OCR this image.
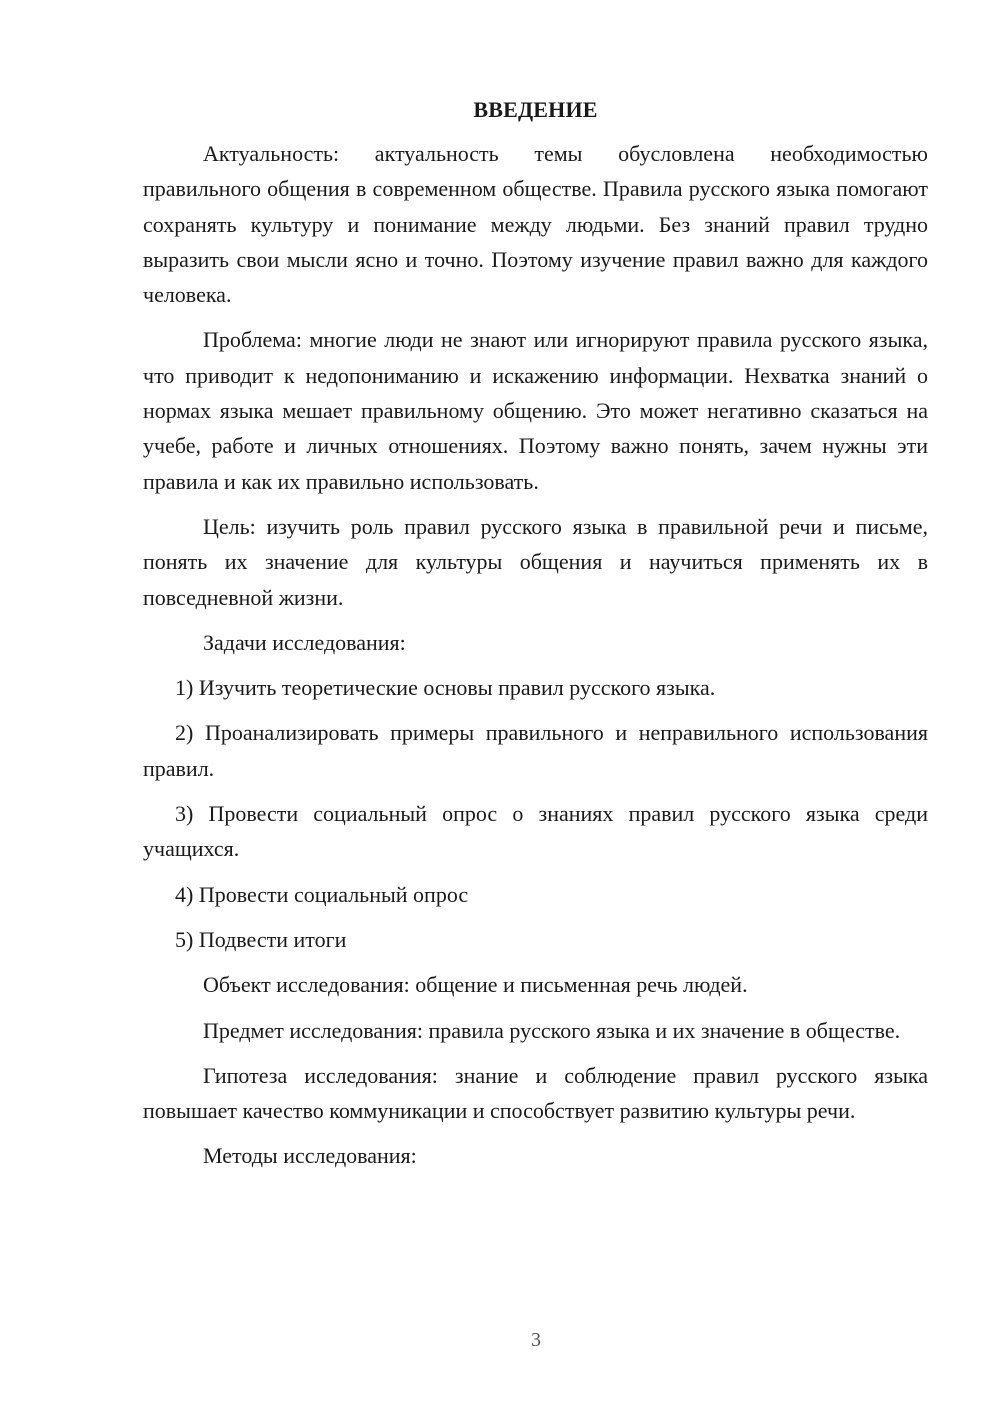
ВВЕДЕНИЕ

Актуальность: актуальность темы обусловлена необходимостью правильного общения в современном обществе. Правила русского языка помогают сохранять культуру и понимание между людьми. Без знаний правил трудно выразить свои мысли ясно и точно. Поэтому изучение правил важно для каждого человека.

Проблема: многие люди не знают или игнорируют правила русского языка, что приводит к недопониманию и искажению информации. Нехватка знаний о нормах языка мешает правильному общению. Это может негативно сказаться на учебе, работе и личных отношениях. Поэтому важно понять, зачем нужны эти правила и как их правильно использовать.

Цель: изучить роль правил русского языка в правильной речи и письме, понять их значение для культуры общения и научиться применять их в повседневной жизни.

Задачи исследования:

1) Изучить теоретические основы правил русского языка.

2) Проанализировать примеры правильного и неправильного использования правил.

3) Провести социальный опрос о знаниях правил русского языка среди учащихся.

4) Провести социальный опрос

5) Подвести итоги

Объект исследования: общение и письменная речь людей.

Предмет исследования: правила русского языка и их значение в обществе.

Гипотеза исследования: знание и соблюдение правил русского языка повышает качество коммуникации и способствует развитию культуры речи.

Методы исследования:

3
